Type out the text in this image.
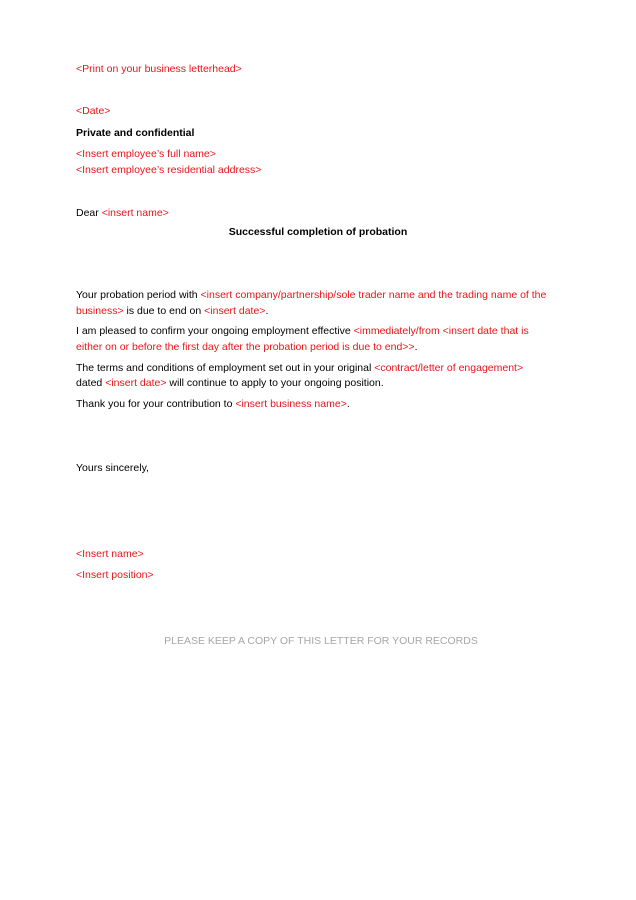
<Print on your business letterhead>
<Date>
Private and confidential
<Insert employee’s full name>
<Insert employee’s residential address>
Dear <insert name>
Successful completion of probation
Your probation period with <insert company/partnership/sole trader name and the trading name of the
business> is due to end on <insert date>.
I am pleased to confirm your ongoing employment effective <immediately/from <insert date that is
either on or before the first day after the probation period is due to end>>.
The terms and conditions of employment set out in your original <contract/letter of engagement>
dated <insert date> will continue to apply to your ongoing position.
Thank you for your contribution to <insert business name>.
Yours sincerely,
<Insert name>
<Insert position>
PLEASE KEEP A COPY OF THIS LETTER FOR YOUR RECORDS
